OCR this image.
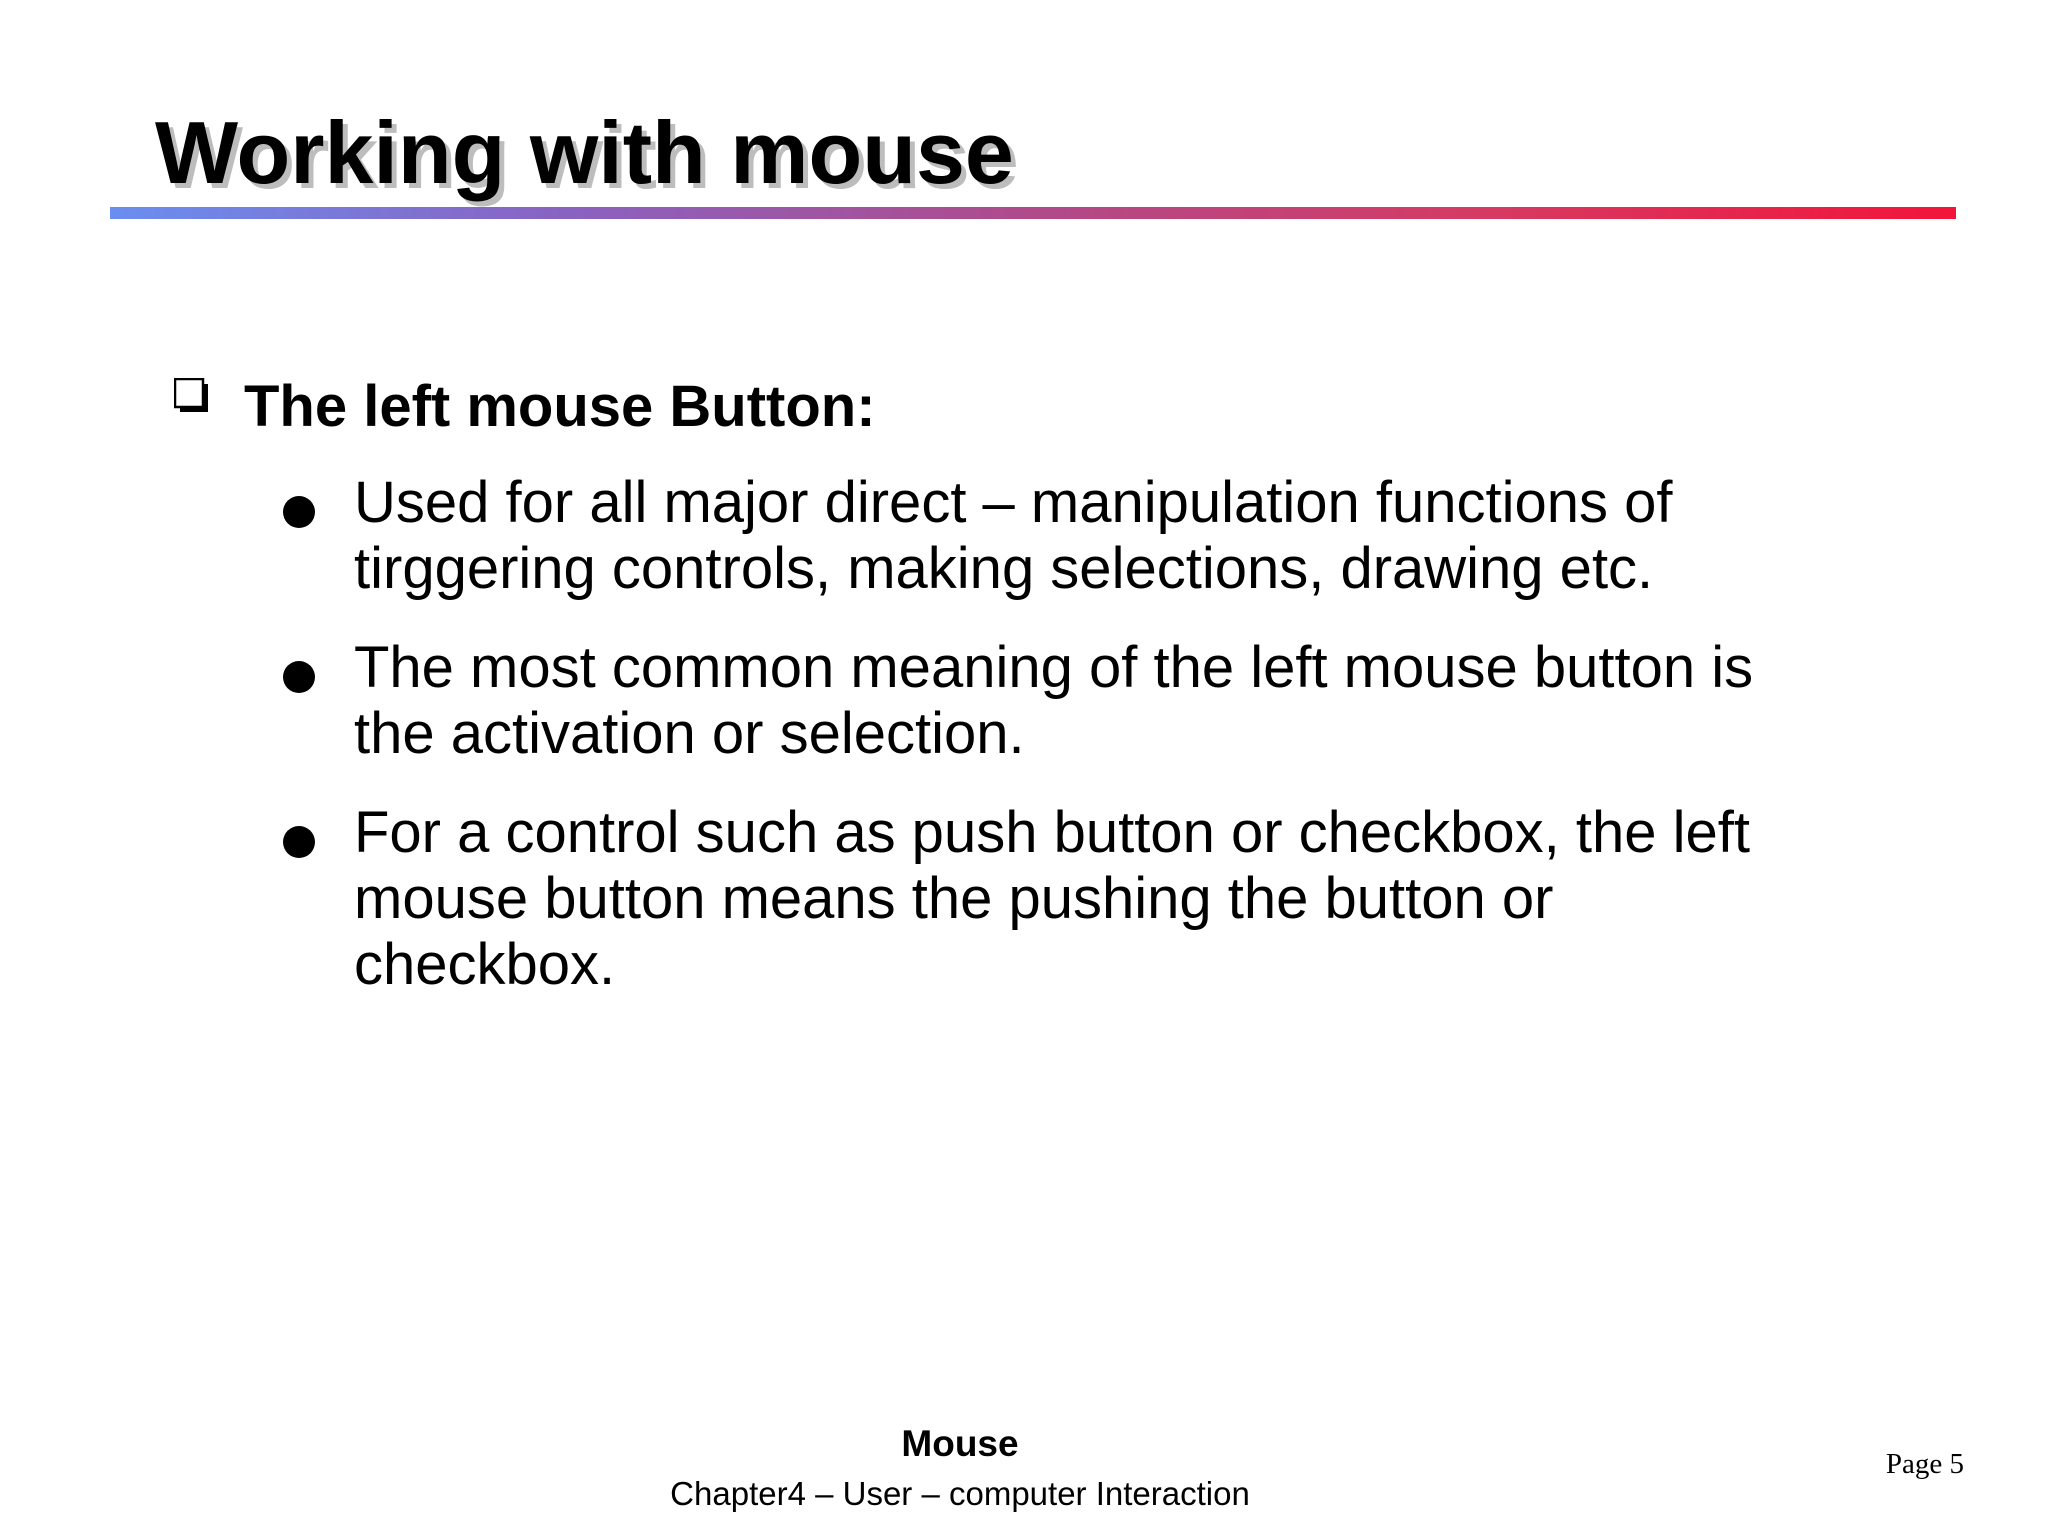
Working with mouse
The left mouse Button:
Used for all major direct – manipulation functions of
tirggering controls, making selections, drawing etc.
The most common meaning of the left mouse button is
the activation or selection.
For a control such as push button or checkbox, the left
mouse button means the pushing the button or
checkbox.
Mouse
Chapter4 – User – computer Interaction
Page 5
